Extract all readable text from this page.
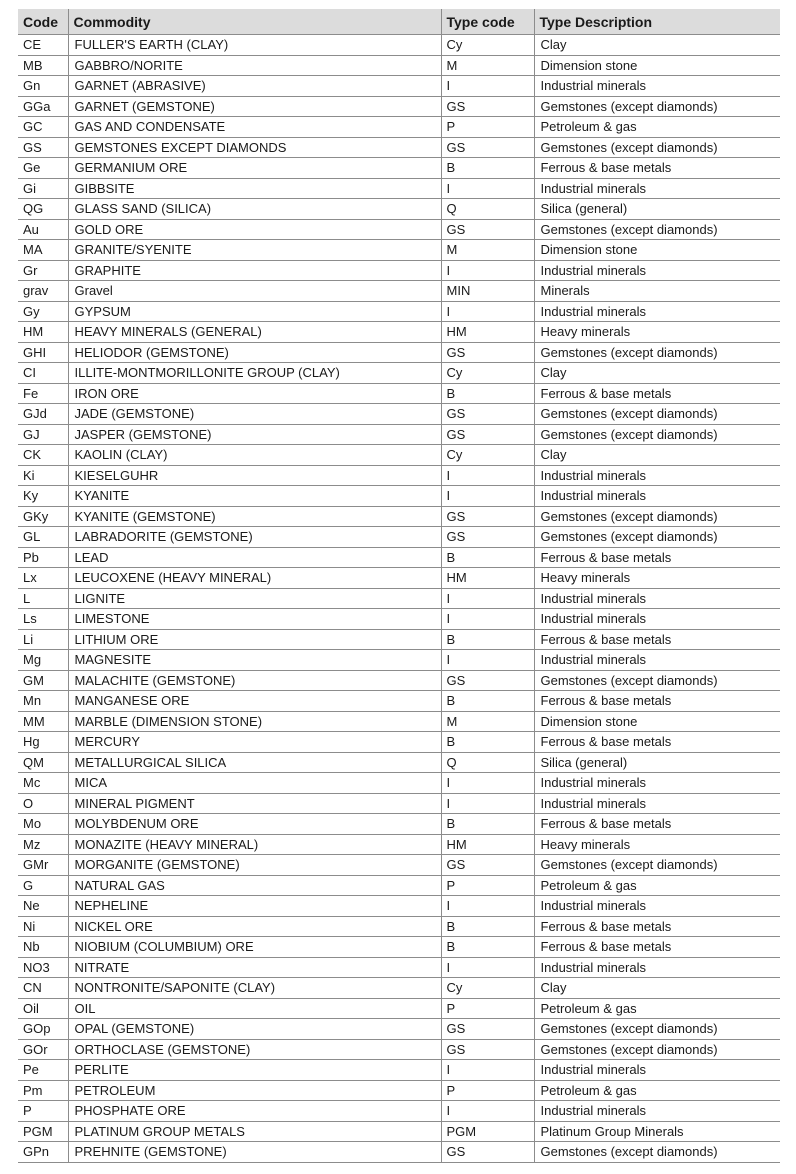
Code	Commodity	Type code	Type Description
CE	FULLER'S EARTH (CLAY)	Cy	Clay
MB	GABBRO/NORITE	M	Dimension stone
Gn	GARNET (ABRASIVE)	I	Industrial minerals
GGa	GARNET (GEMSTONE)	GS	Gemstones (except diamonds)
GC	GAS AND CONDENSATE	P	Petroleum & gas
GS	GEMSTONES EXCEPT DIAMONDS	GS	Gemstones (except diamonds)
Ge	GERMANIUM ORE	B	Ferrous & base metals
Gi	GIBBSITE	I	Industrial minerals
QG	GLASS SAND (SILICA)	Q	Silica (general)
Au	GOLD ORE	GS	Gemstones (except diamonds)
MA	GRANITE/SYENITE	M	Dimension stone
Gr	GRAPHITE	I	Industrial minerals
grav	Gravel	MIN	Minerals
Gy	GYPSUM	I	Industrial minerals
HM	HEAVY MINERALS (GENERAL)	HM	Heavy minerals
GHI	HELIODOR (GEMSTONE)	GS	Gemstones (except diamonds)
CI	ILLITE-MONTMORILLONITE GROUP (CLAY)	Cy	Clay
Fe	IRON ORE	B	Ferrous & base metals
GJd	JADE (GEMSTONE)	GS	Gemstones (except diamonds)
GJ	JASPER (GEMSTONE)	GS	Gemstones (except diamonds)
CK	KAOLIN (CLAY)	Cy	Clay
Ki	KIESELGUHR	I	Industrial minerals
Ky	KYANITE	I	Industrial minerals
GKy	KYANITE (GEMSTONE)	GS	Gemstones (except diamonds)
GL	LABRADORITE (GEMSTONE)	GS	Gemstones (except diamonds)
Pb	LEAD	B	Ferrous & base metals
Lx	LEUCOXENE (HEAVY MINERAL)	HM	Heavy minerals
L	LIGNITE	I	Industrial minerals
Ls	LIMESTONE	I	Industrial minerals
Li	LITHIUM ORE	B	Ferrous & base metals
Mg	MAGNESITE	I	Industrial minerals
GM	MALACHITE (GEMSTONE)	GS	Gemstones (except diamonds)
Mn	MANGANESE ORE	B	Ferrous & base metals
MM	MARBLE (DIMENSION STONE)	M	Dimension stone
Hg	MERCURY	B	Ferrous & base metals
QM	METALLURGICAL SILICA	Q	Silica (general)
Mc	MICA	I	Industrial minerals
O	MINERAL PIGMENT	I	Industrial minerals
Mo	MOLYBDENUM ORE	B	Ferrous & base metals
Mz	MONAZITE (HEAVY MINERAL)	HM	Heavy minerals
GMr	MORGANITE (GEMSTONE)	GS	Gemstones (except diamonds)
G	NATURAL GAS	P	Petroleum & gas
Ne	NEPHELINE	I	Industrial minerals
Ni	NICKEL ORE	B	Ferrous & base metals
Nb	NIOBIUM (COLUMBIUM) ORE	B	Ferrous & base metals
NO3	NITRATE	I	Industrial minerals
CN	NONTRONITE/SAPONITE (CLAY)	Cy	Clay
Oil	OIL	P	Petroleum & gas
GOp	OPAL (GEMSTONE)	GS	Gemstones (except diamonds)
GOr	ORTHOCLASE (GEMSTONE)	GS	Gemstones (except diamonds)
Pe	PERLITE	I	Industrial minerals
Pm	PETROLEUM	P	Petroleum & gas
P	PHOSPHATE ORE	I	Industrial minerals
PGM	PLATINUM GROUP METALS	PGM	Platinum Group Minerals
GPn	PREHNITE (GEMSTONE)	GS	Gemstones (except diamonds)
